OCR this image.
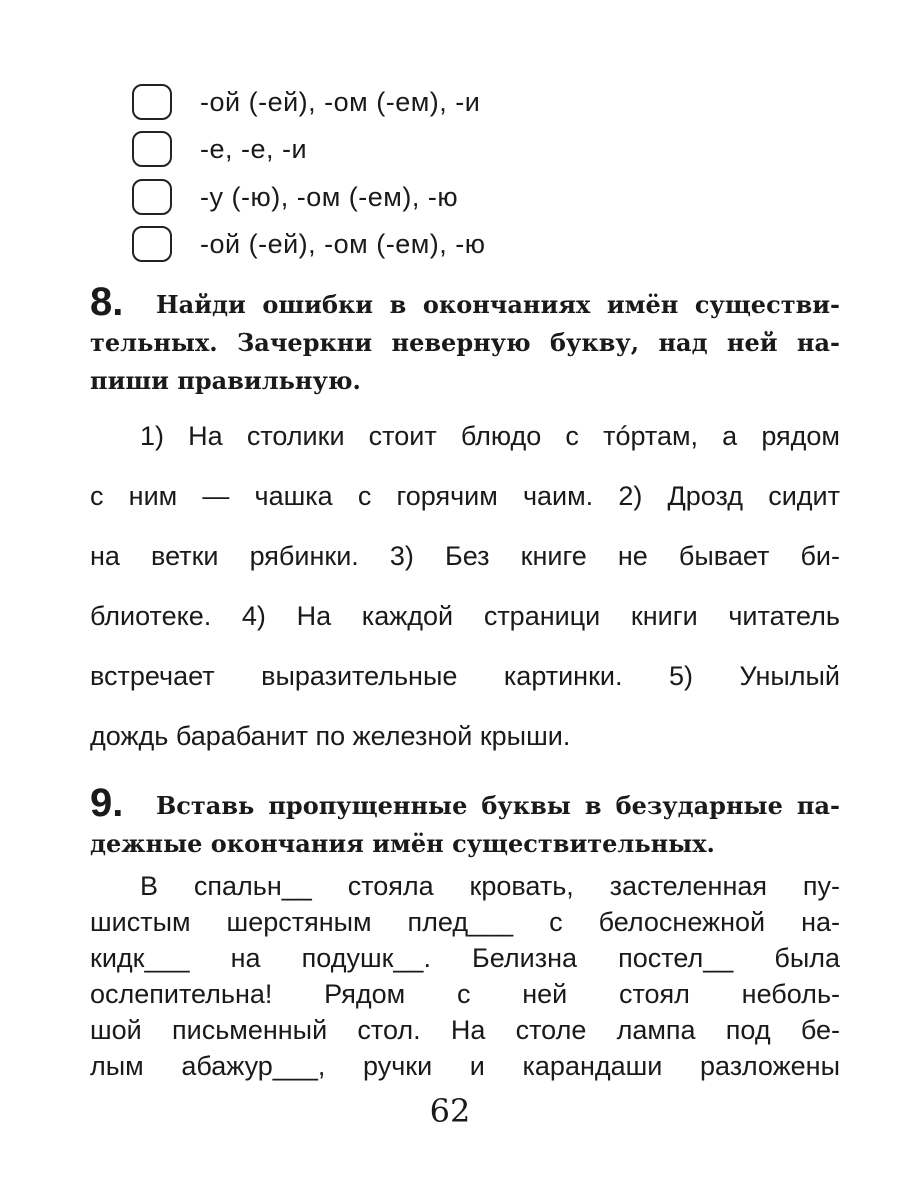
-ой (-ей), -ом (-ем), -и
-е, -е, -и
-у (-ю), -ом (-ем), -ю
-ой (-ей), -ом (-ем), -ю
8.	Найди ошибки в окончаниях имён существи-
тельных. Зачеркни неверную букву, над ней на-
пиши правильную.
1) На столики стоит блюдо с тóртам, а рядом
с ним — чашка с горячим чаим. 2) Дрозд сидит
на ветки рябинки. 3) Без книге не бывает би-
блиотеке. 4) На каждой страници книги читатель
встречает выразительные картинки. 5) Унылый
дождь барабанит по железной крыши.
9.	Вставь пропущенные буквы в безударные па-
дежные окончания имён существительных.
В спальн__ стояла кровать, застеленная пу-
шистым шерстяным плед___ с белоснежной на-
кидк___ на подушк__. Белизна постел__ была
ослепительна! Рядом с ней стоял неболь-
шой письменный стол. На столе лампа под бе-
лым абажур___, ручки и карандаши разложены
62
